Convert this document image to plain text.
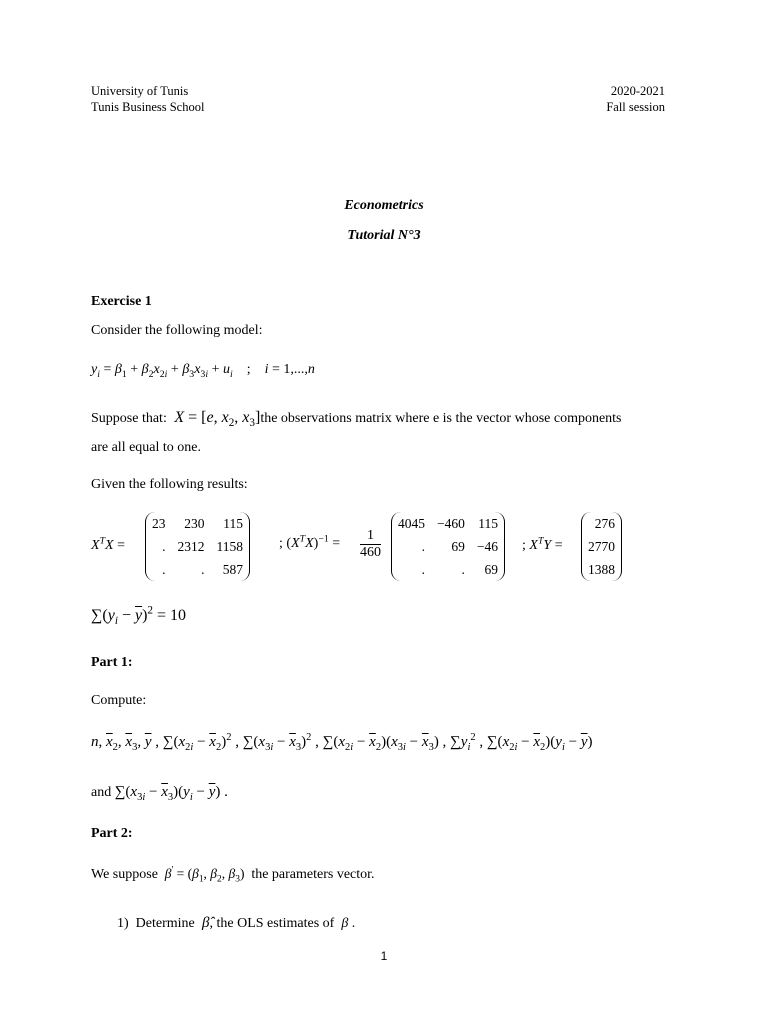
University of Tunis
Tunis Business School
2020-2021
Fall session
Econometrics
Tutorial N°3
Exercise 1
Consider the following model:
$y_i = \beta_1 + \beta_2x_{2i} + \beta_3x_{3i} + u_i$    ;    i = 1,...,n
Suppose that: X = [e, $x_2$, $x_3]the$ observations matrix where e is the vector whose components
are all equal to one.
Given the following results:
$X^TX$ =
23	230	115
.	2312	1158
.	.	587
; $(X^TX)^{-1} = \frac{1}{460}$
4045	−460	115
.	69	−46
.	.	69
; $X^TY$ =
276
2770
1388
$\sum(y_i - \overline{y})^2 = 10$
Part 1:
Compute:
n, $\overline{x}_2$, $\overline{x}_3$, $\overline{y}$ , $\sum(x_{2i} - \overline{x}_2)^2$ , $\sum(x_{3i} - \overline{x}_3)^2$ , $\sum(x_{2i} - \overline{x}_2)(x_{3i} - \overline{x}_3)$ , $\sum y_i^2$ , $\sum(x_{2i} - \overline{x}_2)(y_i - \overline{y})$
and $\sum(x_{3i} - \overline{x}_3)(y_i - \overline{y})$ .
Part 2:
We suppose $\beta' = (\beta_1$, $\beta_2$, $\beta_3$)  the parameters vector.
1) Determine  β̂, the OLS estimates of  β .
1
